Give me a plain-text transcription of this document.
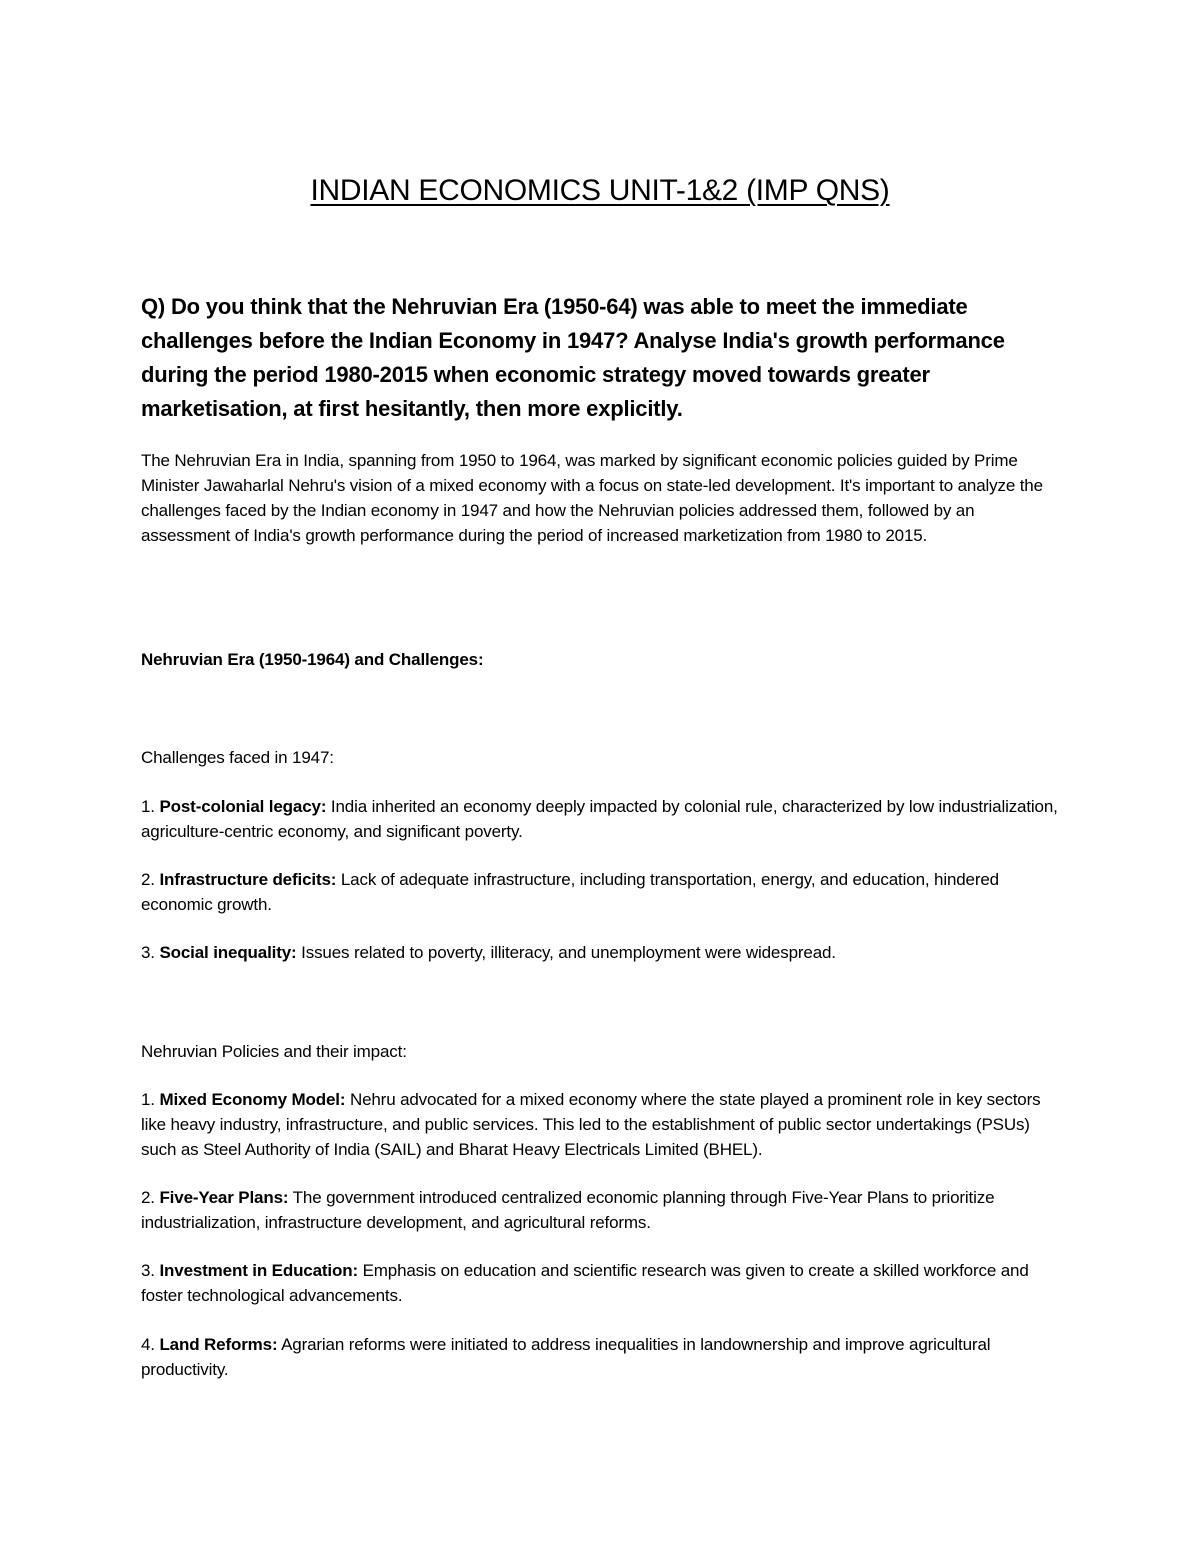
INDIAN ECONOMICS UNIT-1&2 (IMP QNS)
Q) Do you think that the Nehruvian Era (1950-64) was able to meet the immediate challenges before the Indian Economy in 1947? Analyse India's growth performance during the period 1980-2015 when economic strategy moved towards greater marketisation, at first hesitantly, then more explicitly.
The Nehruvian Era in India, spanning from 1950 to 1964, was marked by significant economic policies guided by Prime Minister Jawaharlal Nehru's vision of a mixed economy with a focus on state-led development. It's important to analyze the challenges faced by the Indian economy in 1947 and how the Nehruvian policies addressed them, followed by an assessment of India's growth performance during the period of increased marketization from 1980 to 2015.
Nehruvian Era (1950-1964) and Challenges:
Challenges faced in 1947:
1. Post-colonial legacy: India inherited an economy deeply impacted by colonial rule, characterized by low industrialization, agriculture-centric economy, and significant poverty.
2. Infrastructure deficits: Lack of adequate infrastructure, including transportation, energy, and education, hindered economic growth.
3. Social inequality: Issues related to poverty, illiteracy, and unemployment were widespread.
Nehruvian Policies and their impact:
1. Mixed Economy Model: Nehru advocated for a mixed economy where the state played a prominent role in key sectors like heavy industry, infrastructure, and public services. This led to the establishment of public sector undertakings (PSUs) such as Steel Authority of India (SAIL) and Bharat Heavy Electricals Limited (BHEL).
2. Five-Year Plans: The government introduced centralized economic planning through Five-Year Plans to prioritize industrialization, infrastructure development, and agricultural reforms.
3. Investment in Education: Emphasis on education and scientific research was given to create a skilled workforce and foster technological advancements.
4. Land Reforms: Agrarian reforms were initiated to address inequalities in landownership and improve agricultural productivity.
